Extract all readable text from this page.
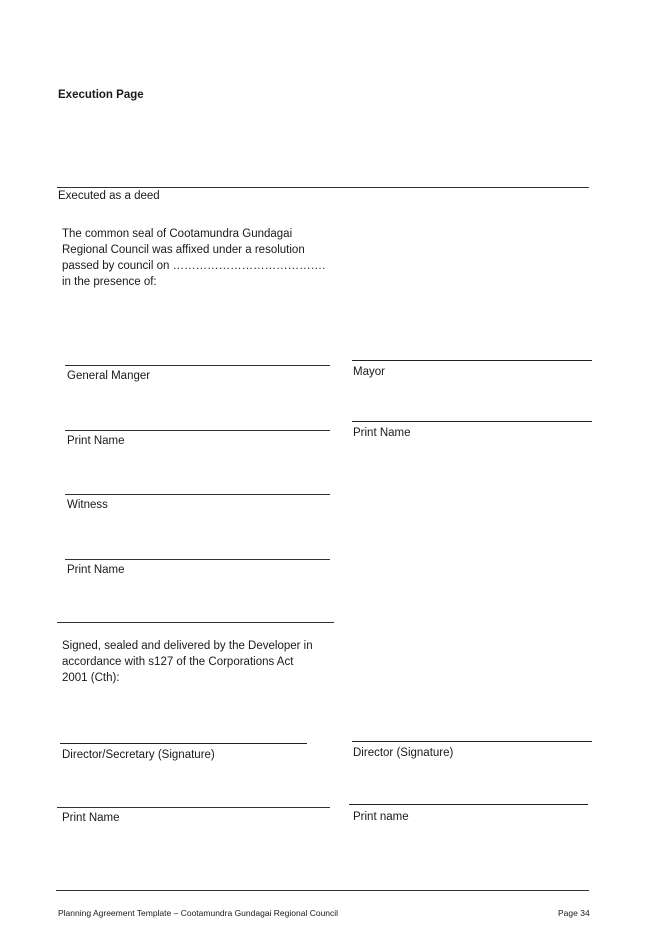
Execution Page
Executed as a deed
The common seal of Cootamundra Gundagai
Regional Council was affixed under a resolution
passed by council on ………………………………….
in the presence of:
General Manger
Print Name
Witness
Print Name
Mayor
Print Name
Signed, sealed and delivered by the Developer in
accordance with s127 of the Corporations Act
2001 (Cth):
Director/Secretary (Signature)
Print Name
Director (Signature)
Print name
Planning Agreement Template – Cootamundra Gundagai Regional Council	Page 34
